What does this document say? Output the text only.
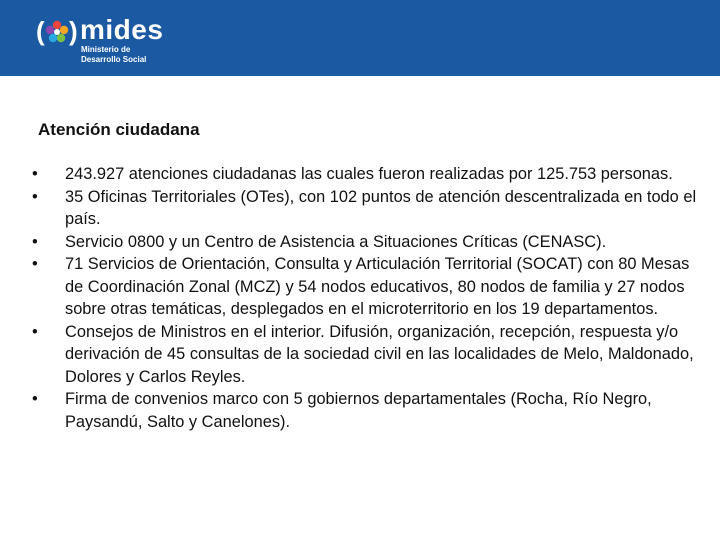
( ) mides
Ministerio de
Desarrollo Social
Atención ciudadana
• 243.927 atenciones ciudadanas las cuales fueron realizadas por 125.753 personas.
• 35 Oficinas Territoriales (OTes), con 102 puntos de atención descentralizada en todo el país.
• Servicio 0800 y un Centro de Asistencia a Situaciones Críticas (CENASC).
• 71 Servicios de Orientación, Consulta y Articulación Territorial (SOCAT) con 80 Mesas de Coordinación Zonal (MCZ) y 54 nodos educativos, 80 nodos de familia y 27 nodos sobre otras temáticas, desplegados en el microterritorio en los 19 departamentos.
• Consejos de Ministros en el interior. Difusión, organización, recepción, respuesta y/o derivación de 45 consultas de la sociedad civil en las localidades de Melo, Maldonado, Dolores y Carlos Reyles.
• Firma de convenios marco con 5 gobiernos departamentales (Rocha, Río Negro, Paysandú, Salto y Canelones).
